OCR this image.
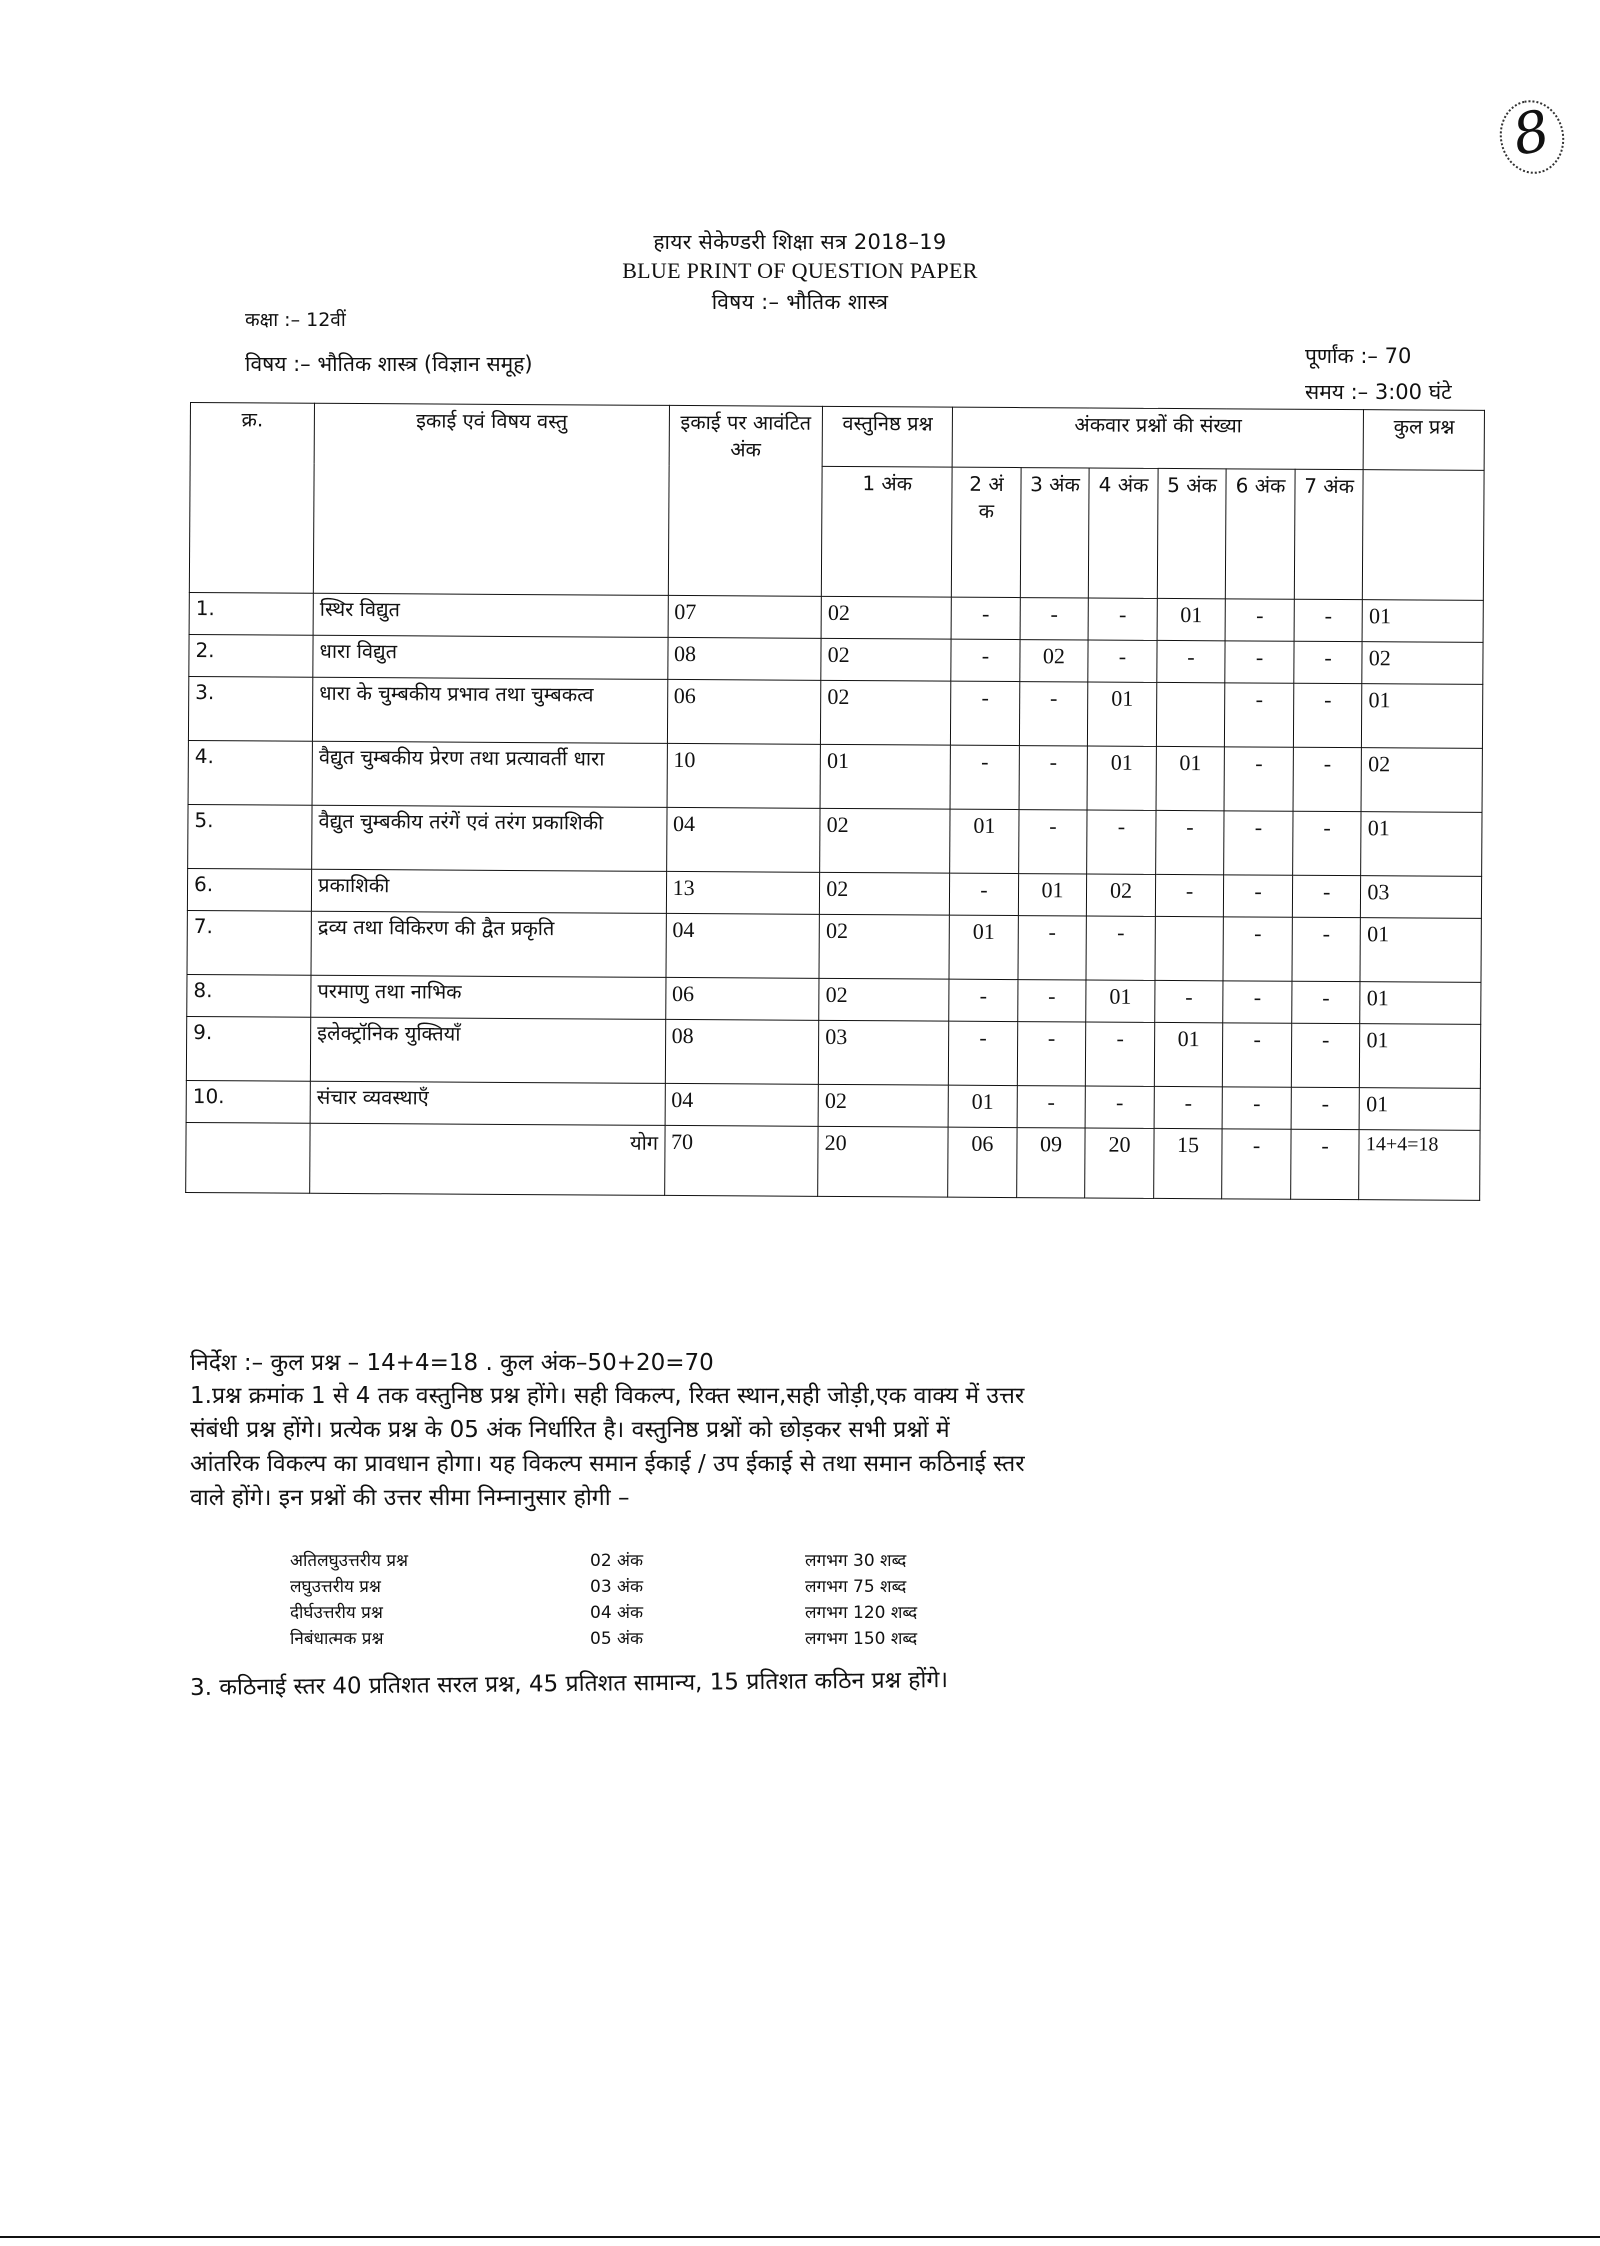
8
हायर सेकेण्डरी शिक्षा सत्र 2018–19
BLUE PRINT OF QUESTION PAPER
विषय :– भौतिक शास्त्र
कक्षा :– 12वीं
विषय :– भौतिक शास्त्र (विज्ञान समूह)	पूर्णांक :– 70
समय :– 3:00 घंटे
क्र.	इकाई एवं विषय वस्तु	इकाई पर आवंटित अंक	वस्तुनिष्ठ प्रश्न	अंकवार प्रश्नों की संख्या						कुल प्रश्न
			1 अंक	2 अं क	3 अंक	4 अंक	5 अंक	6 अंक	7 अंक	
1.	स्थिर विद्युत	07	02	-	-	-	01	-	-	01
2.	धारा विद्युत	08	02	-	02	-	-	-	-	02
3.	धारा के चुम्बकीय प्रभाव तथा चुम्बकत्व	06	02	-	-	01		-	-	01
4.	वैद्युत चुम्बकीय प्रेरण तथा प्रत्यावर्ती धारा	10	01	-	-	01	01	-	-	02
5.	वैद्युत चुम्बकीय तरंगें एवं तरंग प्रकाशिकी	04	02	01	-	-	-	-	-	01
6.	प्रकाशिकी	13	02	-	01	02	-	-	-	03
7.	द्रव्य तथा विकिरण की द्वैत प्रकृति	04	02	01	-	-		-	-	01
8.	परमाणु तथा नाभिक	06	02	-	-	01	-	-	-	01
9.	इलेक्ट्रॉनिक युक्तियाँ	08	03	-	-	-	01	-	-	01
10.	संचार व्यवस्थाएँ	04	02	01	-	-	-	-	-	01
	योग	70	20	06	09	20	15	-	-	14+4=18
निर्देश :– कुल प्रश्न – 14+4=18 . कुल अंक–50+20=70
1.प्रश्न क्रमांक 1 से 4 तक वस्तुनिष्ठ प्रश्न होंगे। सही विकल्प, रिक्त स्थान,सही जोड़ी,एक वाक्य में उत्तर
संबंधी प्रश्न होंगे। प्रत्येक प्रश्न के 05 अंक निर्धारित है। वस्तुनिष्ठ प्रश्नों को छोड़कर सभी प्रश्नों में
आंतरिक विकल्प का प्रावधान होगा। यह विकल्प समान ईकाई / उप ईकाई से तथा समान कठिनाई स्तर
वाले होंगे। इन प्रश्नों की उत्तर सीमा निम्नानुसार होगी –
अतिलघुउत्तरीय प्रश्न	02 अंक	लगभग 30 शब्द
लघुउत्तरीय प्रश्न	03 अंक	लगभग 75 शब्द
दीर्घउत्तरीय प्रश्न	04 अंक	लगभग 120 शब्द
निबंधात्मक प्रश्न	05 अंक	लगभग 150 शब्द
3. कठिनाई स्तर 40 प्रतिशत सरल प्रश्न, 45 प्रतिशत सामान्य, 15 प्रतिशत कठिन प्रश्न होंगे।
